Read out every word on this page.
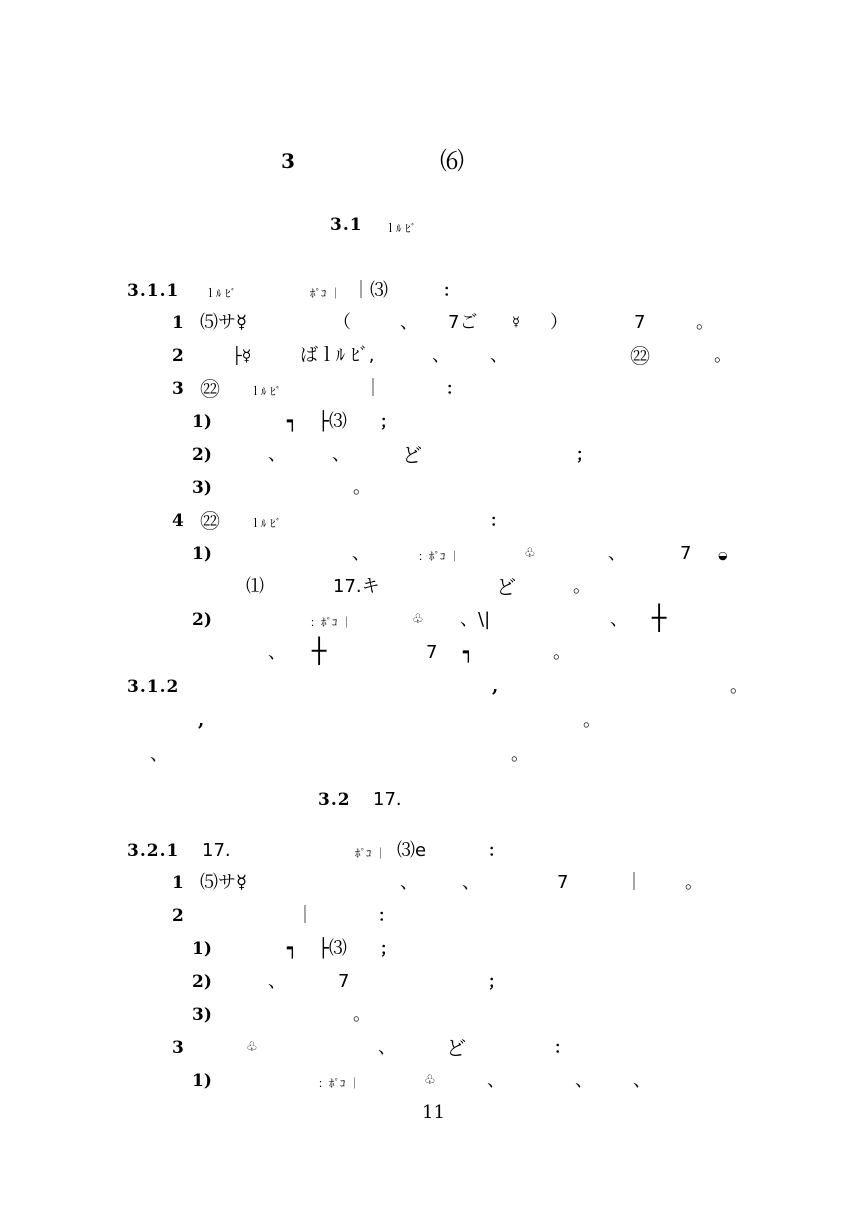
3	⑹
3.1 ｌﾙ ﾋﾞ
3.1.1 ｌﾙ ﾋﾞ	ﾎﾟｺ ｜ ｜⑶	：
1 ⑸サ☿	（	、 7ご	☿ ）	7	。
2	├☿	ばｌﾙ ﾋﾞ,	、 、	㉒	。
3 ㉒	ｌﾙ ﾋﾞ	｜	：
1)	┑ ├⑶ ；
2)	、	、	ど	；
3)	。
4 ㉒	ｌﾙ ﾋﾞ	：
1)	、	：ﾎﾟｺ ｜	♧	、	7 ◒
⑴	17.キ	ど	。
2)	：ﾎﾟｺ ｜	♧ 、\|	、 ┼
、 ┼	7 ┑	。
3.1.2	,	。
,	。
、	。
3.2 17.
3.2.1 17.	ﾎﾟｺ ｜ ⑶e	：
1 ⑸サ☿	、 、	7	｜ 。
2	｜	：
1)	┑ ├⑶ ；
2)	、	7	；
3)	。
3	♧	、	ど	：
1)	：ﾎﾟｺ ｜	♧	、	、 、
11
